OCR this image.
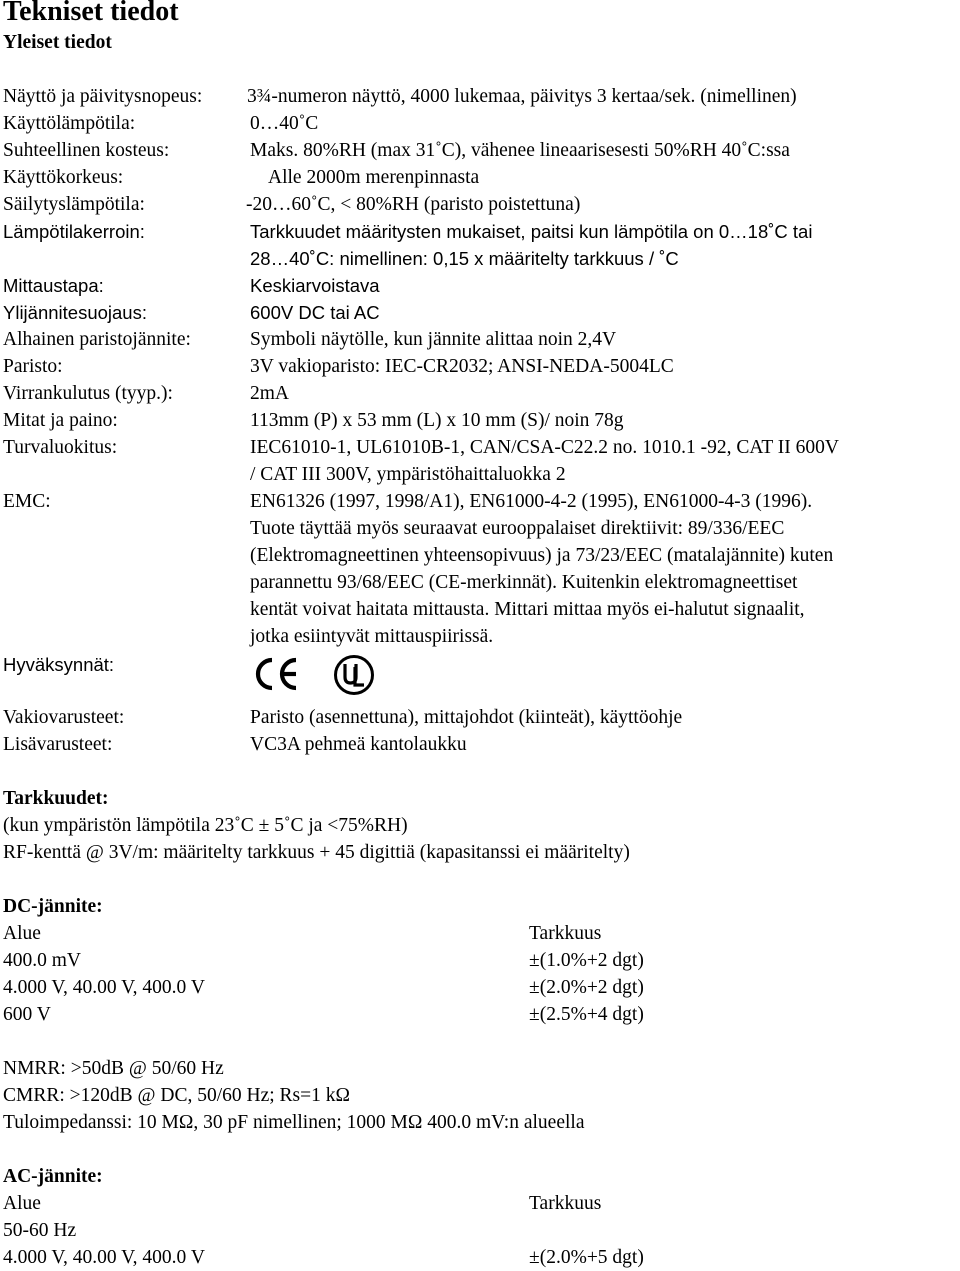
Tekniset tiedot
Yleiset tiedot
Näyttö ja päivitysnopeus: 3¾-numeron näyttö, 4000 lukemaa, päivitys 3 kertaa/sek. (nimellinen)
Käyttölämpötila:	0…40˚C
Suhteellinen kosteus:	Maks. 80%RH (max 31˚C), vähenee lineaarisesesti 50%RH 40˚C:ssa
Käyttökorkeus:	Alle 2000m merenpinnasta
Säilytyslämpötila:	-20…60˚C, < 80%RH (paristo poistettuna)
Lämpötilakerroin:	Tarkkuudet määritysten mukaiset, paitsi kun lämpötila on 0…18˚C tai
28…40˚C: nimellinen: 0,15 x määritelty tarkkuus / ˚C
Mittaustapa:	Keskiarvoistava
Ylijännitesuojaus:	600V DC tai AC
Alhainen paristojännite:	Symboli näytölle, kun jännite alittaa noin 2,4V
Paristo:	3V vakioparisto: IEC-CR2032; ANSI-NEDA-5004LC
Virrankulutus (tyyp.):	2mA
Mitat ja paino:	113mm (P) x 53 mm (L) x 10 mm (S)/ noin 78g
Turvaluokitus:	IEC61010-1, UL61010B-1, CAN/CSA-C22.2 no. 1010.1 -92, CAT II 600V
/ CAT III 300V, ympäristöhaittaluokka 2
EMC:	EN61326 (1997, 1998/A1), EN61000-4-2 (1995), EN61000-4-3 (1996).
Tuote täyttää myös seuraavat eurooppalaiset direktiivit: 89/336/EEC
(Elektromagneettinen yhteensopivuus) ja 73/23/EEC (matalajännite) kuten
parannettu 93/68/EEC (CE-merkinnät). Kuitenkin elektromagneettiset
kentät voivat haitata mittausta. Mittari mittaa myös ei-halutut signaalit,
jotka esiintyvät mittauspiirissä.
Hyväksynnät:
Vakiovarusteet:	Paristo (asennettuna), mittajohdot (kiinteät), käyttöohje
Lisävarusteet:	VC3A pehmeä kantolaukku
Tarkkuudet:
(kun ympäristön lämpötila 23˚C ± 5˚C ja <75%RH)
RF-kenttä @ 3V/m: määritelty tarkkuus + 45 digittiä (kapasitanssi ei määritelty)
DC-jännite:
Alue	Tarkkuus
400.0 mV	±(1.0%+2 dgt)
4.000 V, 40.00 V, 400.0 V	±(2.0%+2 dgt)
600 V	±(2.5%+4 dgt)
NMRR: >50dB @ 50/60 Hz
CMRR: >120dB @ DC, 50/60 Hz; Rs=1 kΩ
Tuloimpedanssi: 10 MΩ, 30 pF nimellinen; 1000 MΩ 400.0 mV:n alueella
AC-jännite:
Alue	Tarkkuus
50-60 Hz
4.000 V, 40.00 V, 400.0 V	±(2.0%+5 dgt)
